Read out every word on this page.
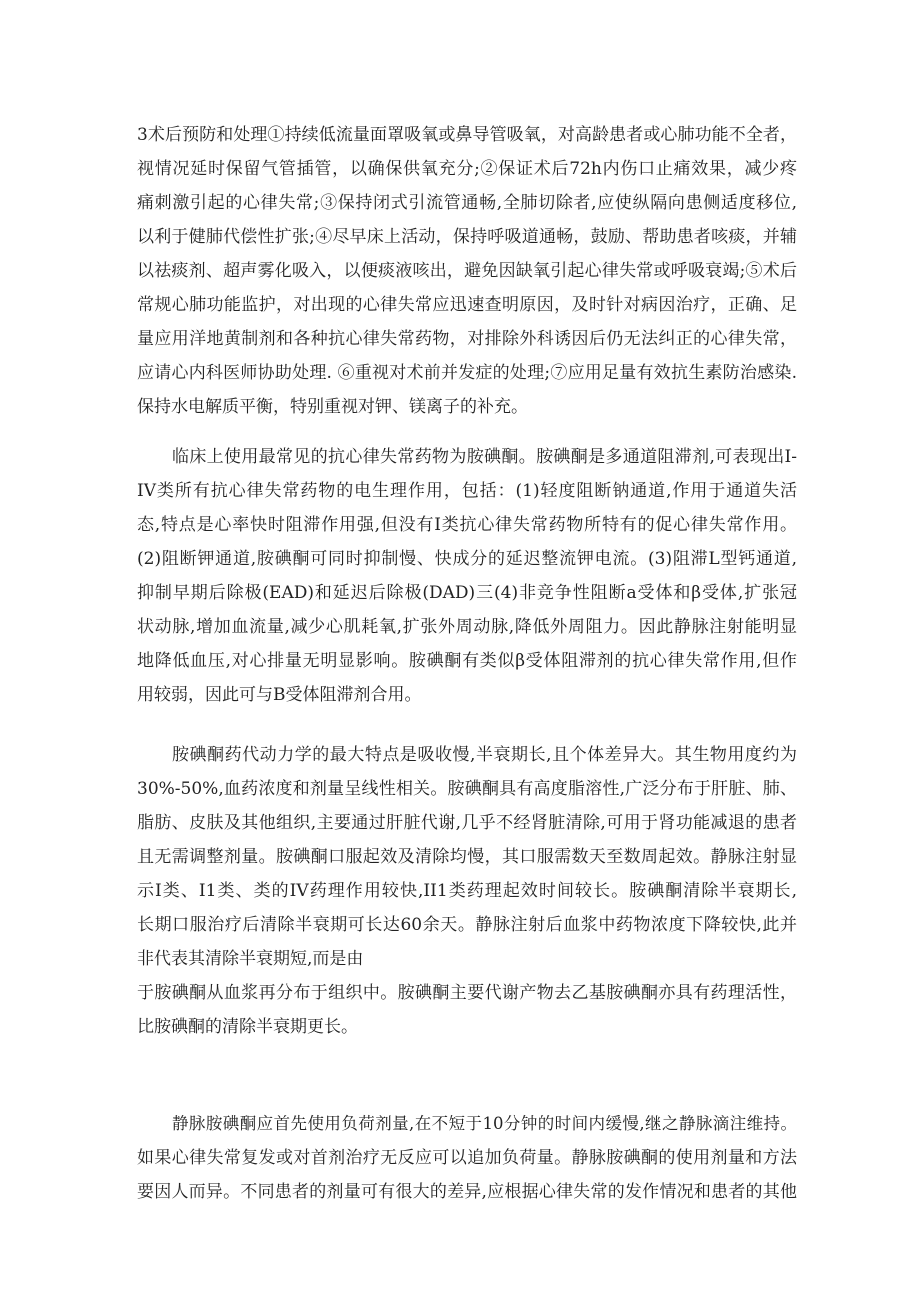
3术后预防和处理①持续低流量面罩吸氧或鼻导管吸氧，对高龄患者或心肺功能不全者，
视情况延时保留气管插管，以确保供氧充分;②保证术后72h内伤口止痛效果，减少疼
痛刺激引起的心律失常;③保持闭式引流管通畅,全肺切除者,应使纵隔向患侧适度移位,
以利于健肺代偿性扩张;④尽早床上活动，保持呼吸道通畅，鼓励、帮助患者咳痰，并辅
以祛痰剂、超声雾化吸入，以便痰液咳出，避免因缺氧引起心律失常或呼吸衰竭;⑤术后
常规心肺功能监护，对出现的心律失常应迅速查明原因，及时针对病因治疗，正确、足
量应用洋地黄制剂和各种抗心律失常药物，对排除外科诱因后仍无法纠正的心律失常，
应请心内科医师协助处理. ⑥重视对术前并发症的处理;⑦应用足量有效抗生素防治感染.
保持水电解质平衡，特别重视对钾、镁离子的补充。
临床上使用最常见的抗心律失常药物为胺碘酮。胺碘酮是多通道阻滞剂,可表现出I-
IV类所有抗心律失常药物的电生理作用，包括：(1)轻度阻断钠通道,作用于通道失活
态,特点是心率快时阻滞作用强,但没有I类抗心律失常药物所特有的促心律失常作用。
(2)阻断钾通道,胺碘酮可同时抑制慢、快成分的延迟整流钾电流。(3)阻滞L型钙通道,
抑制早期后除极(EAD)和延迟后除极(DAD)三(4)非竞争性阻断a受体和β受体,扩张冠
状动脉,增加血流量,减少心肌耗氧,扩张外周动脉,降低外周阻力。因此静脉注射能明显
地降低血压,对心排量无明显影响。胺碘酮有类似β受体阻滞剂的抗心律失常作用,但作
用较弱，因此可与B受体阻滞剂合用。
胺碘酮药代动力学的最大特点是吸收慢,半衰期长,且个体差异大。其生物用度约为
30%-50%,血药浓度和剂量呈线性相关。胺碘酮具有高度脂溶性,广泛分布于肝脏、肺、
脂肪、皮肤及其他组织,主要通过肝脏代谢,几乎不经肾脏清除,可用于肾功能减退的患者
且无需调整剂量。胺碘酮口服起效及清除均慢，其口服需数天至数周起效。静脉注射显
示I类、I1类、类的IV药理作用较快,II1类药理起效时间较长。胺碘酮清除半衰期长,
长期口服治疗后清除半衰期可长达60余天。静脉注射后血浆中药物浓度下降较快,此并
非代表其清除半衰期短,而是由
于胺碘酮从血浆再分布于组织中。胺碘酮主要代谢产物去乙基胺碘酮亦具有药理活性，
比胺碘酮的清除半衰期更长。
静脉胺碘酮应首先使用负荷剂量,在不短于10分钟的时间内缓慢,继之静脉滴注维持。
如果心律失常复发或对首剂治疗无反应可以追加负荷量。静脉胺碘酮的使用剂量和方法
要因人而异。不同患者的剂量可有很大的差异,应根据心律失常的发作情况和患者的其他
